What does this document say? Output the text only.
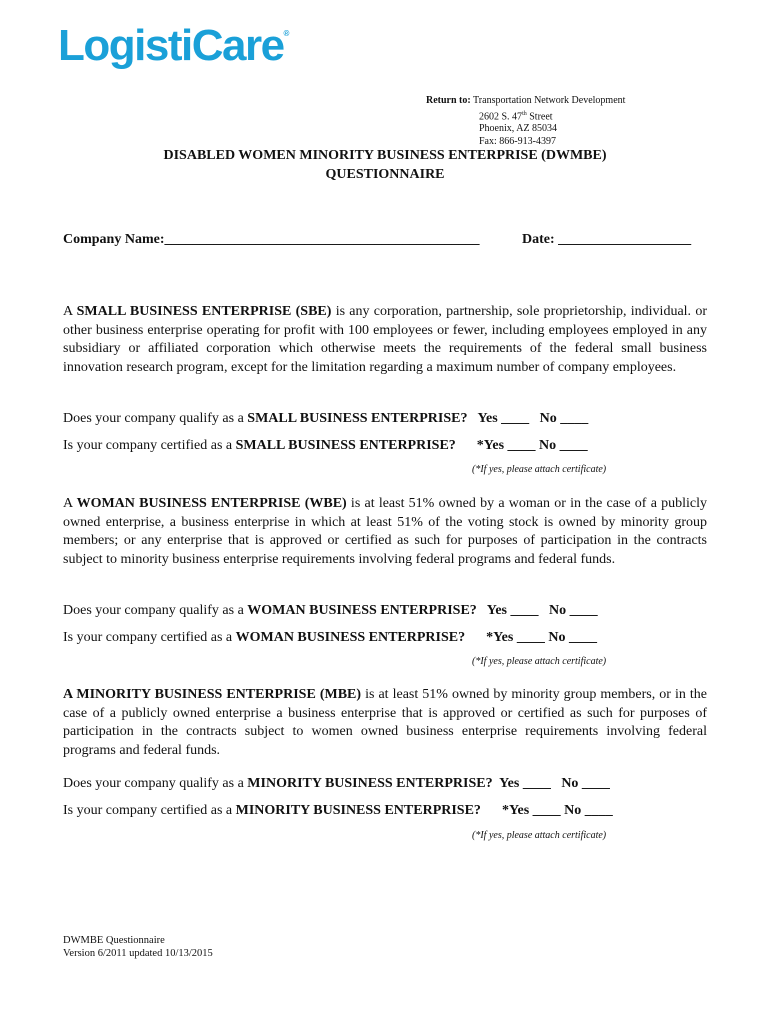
LogistiCare®
Return to: Transportation Network Development
2602 S. 47th Street
Phoenix, AZ 85034
Fax: 866-913-4397
DISABLED WOMEN MINORITY BUSINESS ENTERPRISE (DWMBE)
QUESTIONNAIRE
Company Name:_____________________________________________	Date: ___________________
A SMALL BUSINESS ENTERPRISE (SBE) is any corporation, partnership, sole proprietorship, individual. or other business enterprise operating for profit with 100 employees or fewer, including employees employed in any subsidiary or affiliated corporation which otherwise meets the requirements of the federal small business innovation research program, except for the limitation regarding a maximum number of company employees.
Does your company qualify as a SMALL BUSINESS ENTERPRISE?   Yes ____   No ____
Is your company certified as a SMALL BUSINESS ENTERPRISE?      *Yes ____ No ____
(*If yes, please attach certificate)
A WOMAN BUSINESS ENTERPRISE (WBE) is at least 51% owned by a woman or in the case of a publicly owned enterprise, a business enterprise in which at least 51% of the voting stock is owned by minority group members; or any enterprise that is approved or certified as such for purposes of participation in the contracts subject to minority business enterprise requirements involving federal programs and federal funds.
Does your company qualify as a WOMAN BUSINESS ENTERPRISE?   Yes ____   No ____
Is your company certified as a WOMAN BUSINESS ENTERPRISE?      *Yes ____ No ____
(*If yes, please attach certificate)
A MINORITY BUSINESS ENTERPRISE (MBE) is at least 51% owned by minority group members, or in the case of a publicly owned enterprise a business enterprise that is approved or certified as such for purposes of participation in the contracts subject to women owned business enterprise requirements involving federal programs and federal funds.
Does your company qualify as a MINORITY BUSINESS ENTERPRISE?  Yes ____   No ____
Is your company certified as a MINORITY BUSINESS ENTERPRISE?      *Yes ____ No ____
(*If yes, please attach certificate)
DWMBE Questionnaire
Version 6/2011 updated 10/13/2015
